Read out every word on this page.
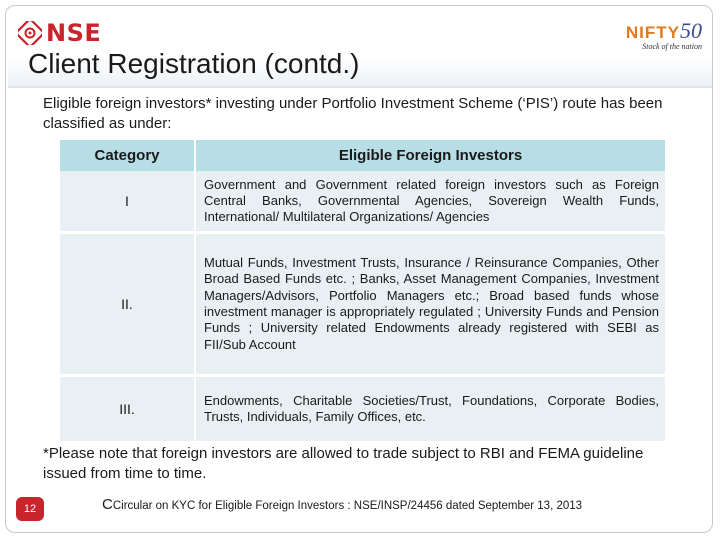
NSE
Client Registration (contd.)
NIFTY50
Stock of the nation
Eligible foreign investors* investing under Portfolio Investment Scheme (‘PIS’) route has been classified as under:
Category	Eligible Foreign Investors
I	Government and Government related foreign investors such as Foreign Central Banks, Governmental Agencies, Sovereign Wealth Funds, International/ Multilateral Organizations/ Agencies
II.	Mutual Funds, Investment Trusts, Insurance / Reinsurance Companies, Other Broad Based Funds etc. ; Banks, Asset Management Companies, Investment Managers/Advisors, Portfolio Managers etc.; Broad based funds whose investment manager is appropriately regulated ; University Funds and Pension Funds ; University related Endowments already registered with SEBI as FII/Sub Account
III.	Endowments, Charitable Societies/Trust, Foundations, Corporate Bodies, Trusts, Individuals, Family Offices, etc.
*Please note that foreign investors are allowed to trade subject to RBI and FEMA guideline issued from time to time.
12	CCircular on KYC for Eligible Foreign Investors : NSE/INSP/24456 dated September 13, 2013
